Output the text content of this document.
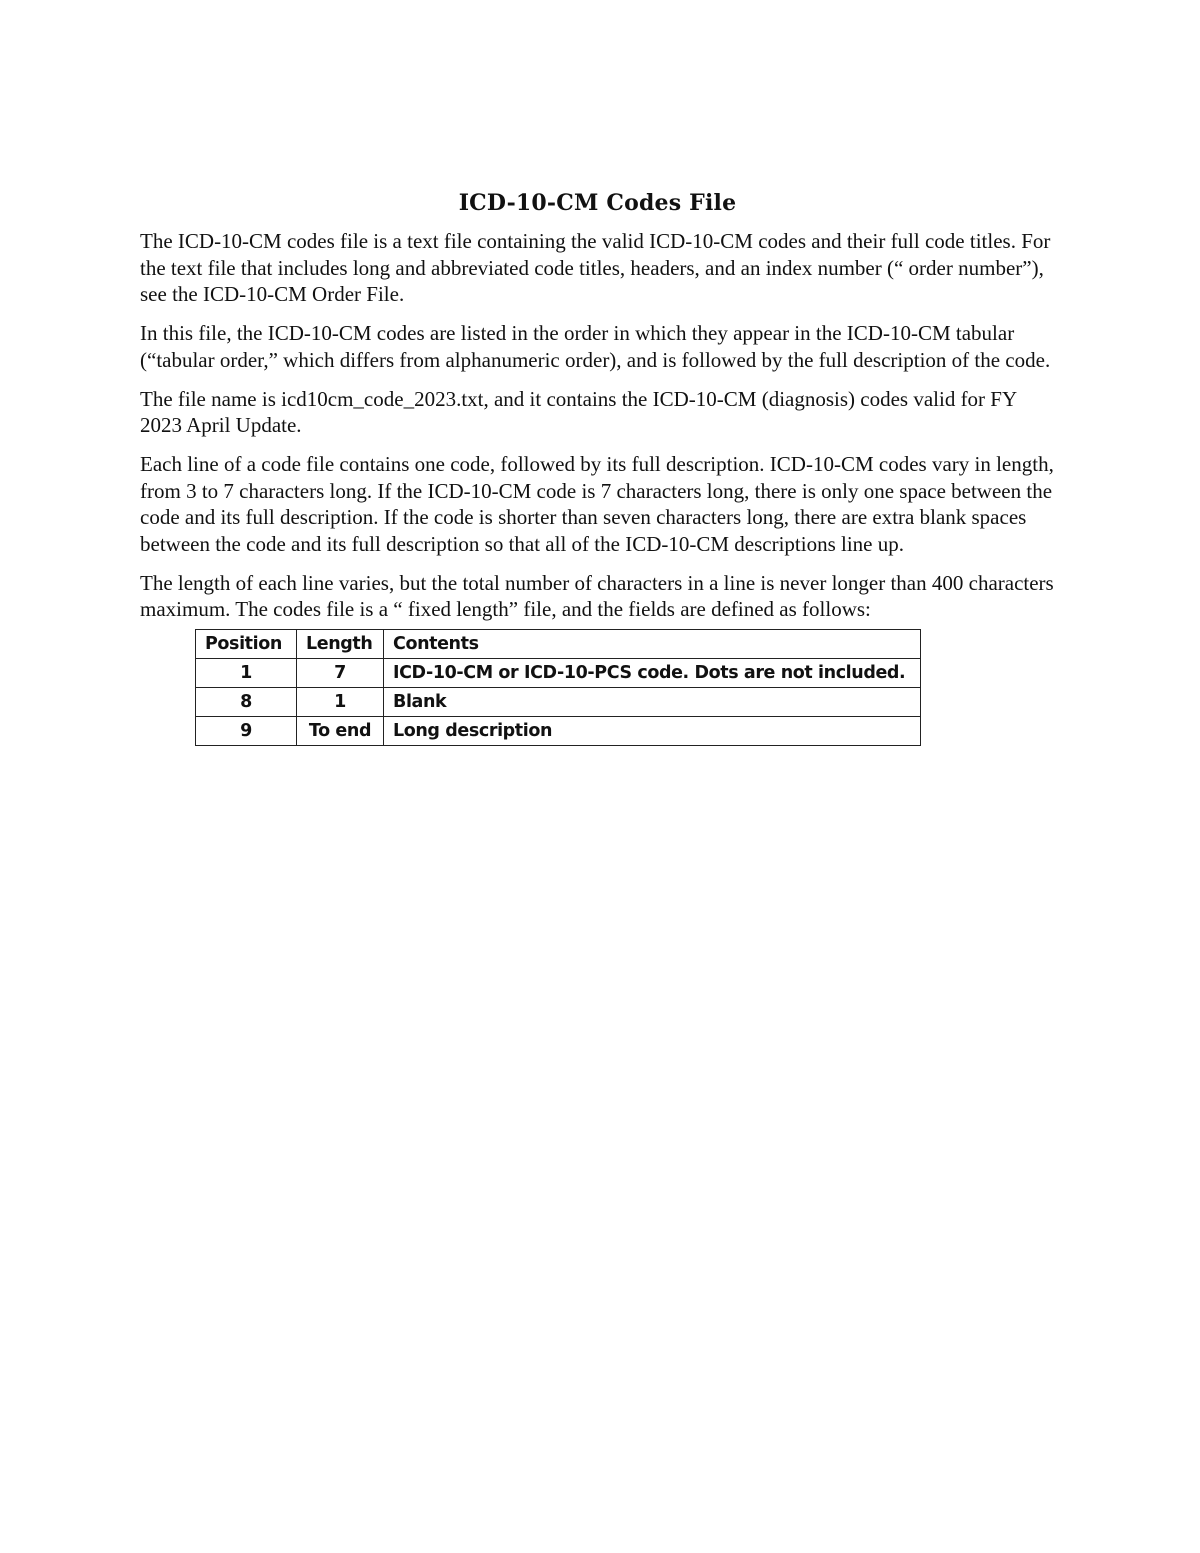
ICD-10-CM Codes File

The ICD-10-CM codes file is a text file containing the valid ICD-10-CM codes and their full code titles. For the text file that includes long and abbreviated code titles, headers, and an index number (“ order number”), see the ICD-10-CM Order File.

In this file, the ICD-10-CM codes are listed in the order in which they appear in the ICD-10-CM tabular (“tabular order,” which differs from alphanumeric order), and is followed by the full description of the code.

The file name is icd10cm_code_2023.txt, and it contains the ICD-10-CM (diagnosis) codes valid for FY 2023 April Update.

Each line of a code file contains one code, followed by its full description. ICD-10-CM codes vary in length, from 3 to 7 characters long. If the ICD-10-CM code is 7 characters long, there is only one space between the code and its full description. If the code is shorter than seven characters long, there are extra blank spaces between the code and its full description so that all of the ICD-10-CM descriptions line up.

The length of each line varies, but the total number of characters in a line is never longer than 400 characters maximum. The codes file is a “ fixed length” file, and the fields are defined as follows:

Position	Length	Contents
1	7	ICD-10-CM or ICD-10-PCS code. Dots are not included.
8	1	Blank
9	To end	Long description
